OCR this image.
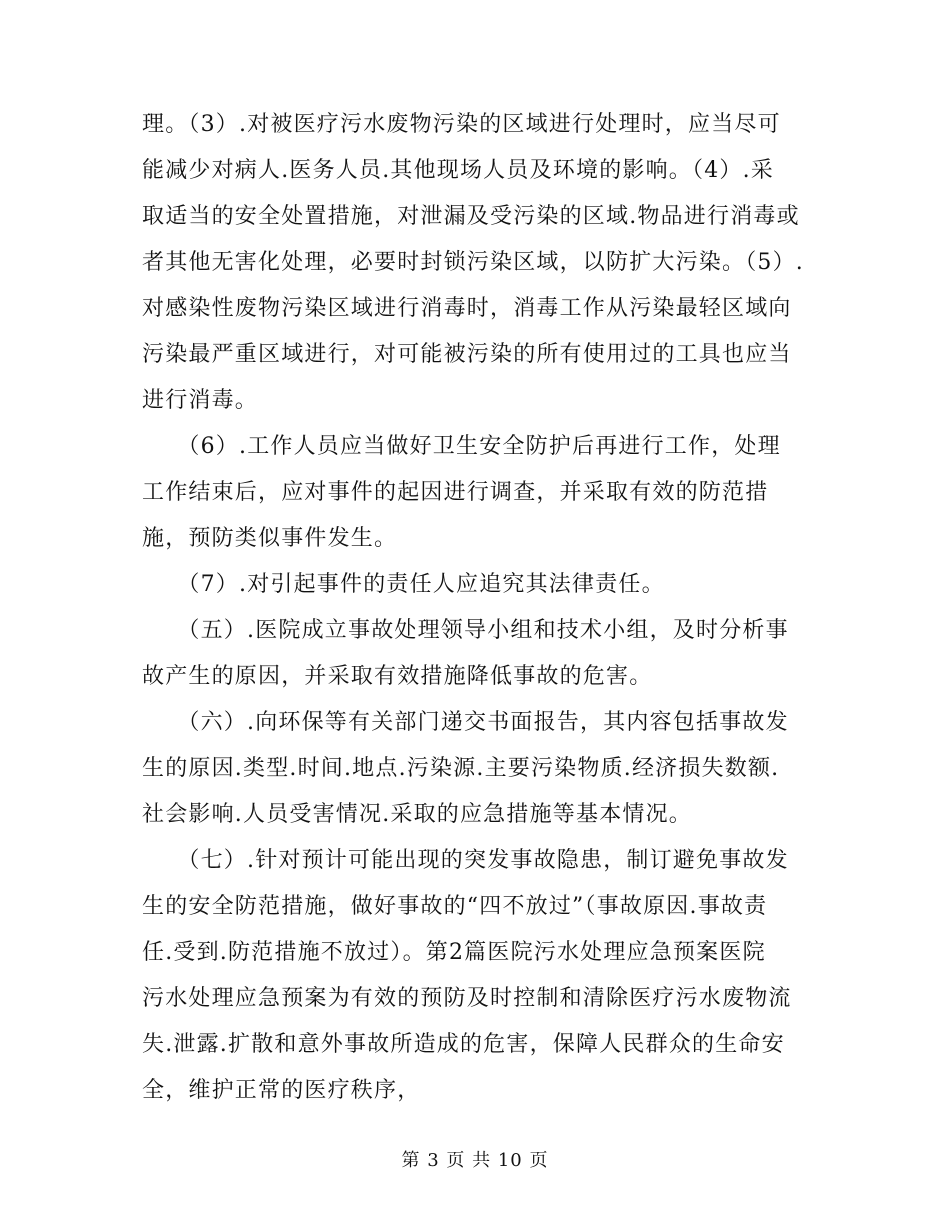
理。（3）.对被医疗污水废物污染的区域进行处理时，应当尽可
能减少对病人.医务人员.其他现场人员及环境的影响。（4）.采
取适当的安全处置措施，对泄漏及受污染的区域.物品进行消毒或
者其他无害化处理，必要时封锁污染区域，以防扩大污染。（5）.
对感染性废物污染区域进行消毒时，消毒工作从污染最轻区域向
污染最严重区域进行，对可能被污染的所有使用过的工具也应当
进行消毒。
　　（6）.工作人员应当做好卫生安全防护后再进行工作，处理
工作结束后，应对事件的起因进行调查，并采取有效的防范措
施，预防类似事件发生。
　　（7）.对引起事件的责任人应追究其法律责任。
　　（五）.医院成立事故处理领导小组和技术小组，及时分析事
故产生的原因，并采取有效措施降低事故的危害。
　　（六）.向环保等有关部门递交书面报告，其内容包括事故发
生的原因.类型.时间.地点.污染源.主要污染物质.经济损失数额.
社会影响.人员受害情况.采取的应急措施等基本情况。
　　（七）.针对预计可能出现的突发事故隐患，制订避免事故发
生的安全防范措施，做好事故的“四不放过”（事故原因.事故责
任.受到.防范措施不放过）。第2篇医院污水处理应急预案医院
污水处理应急预案为有效的预防及时控制和清除医疗污水废物流
失.泄露.扩散和意外事故所造成的危害，保障人民群众的生命安
全，维护正常的医疗秩序，
第 3 页 共 10 页
